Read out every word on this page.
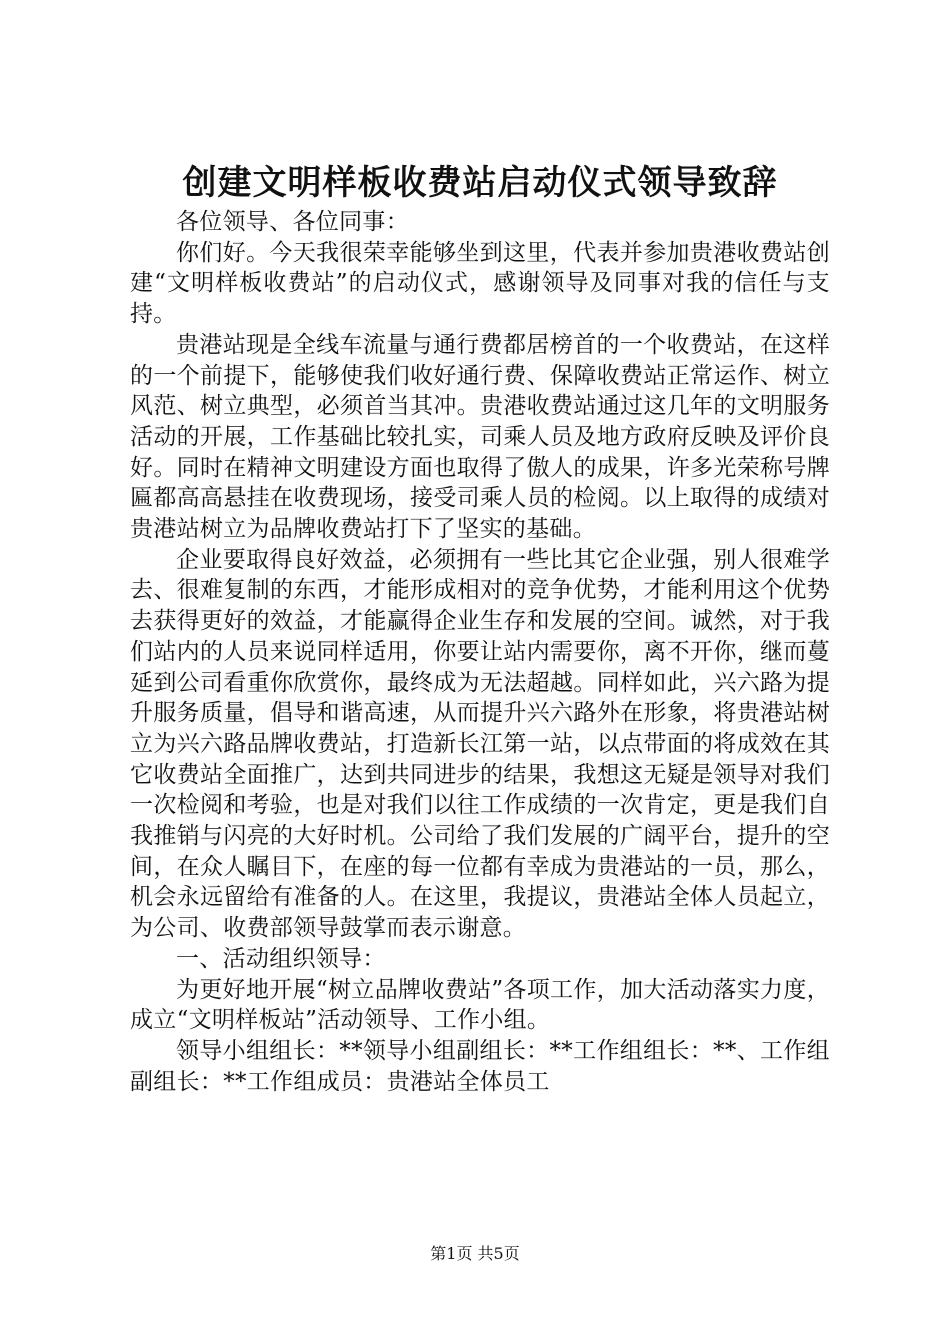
创建文明样板收费站启动仪式领导致辞

各位领导、各位同事：

你们好。今天我很荣幸能够坐到这里，代表并参加贵港收费站创建“文明样板收费站”的启动仪式，感谢领导及同事对我的信任与支持。

贵港站现是全线车流量与通行费都居榜首的一个收费站，在这样的一个前提下，能够使我们收好通行费、保障收费站正常运作、树立风范、树立典型，必须首当其冲。贵港收费站通过这几年的文明服务活动的开展，工作基础比较扎实，司乘人员及地方政府反映及评价良好。同时在精神文明建设方面也取得了傲人的成果，许多光荣称号牌匾都高高悬挂在收费现场，接受司乘人员的检阅。以上取得的成绩对贵港站树立为品牌收费站打下了坚实的基础。

企业要取得良好效益，必须拥有一些比其它企业强，别人很难学去、很难复制的东西，才能形成相对的竞争优势，才能利用这个优势去获得更好的效益，才能赢得企业生存和发展的空间。诚然，对于我们站内的人员来说同样适用，你要让站内需要你，离不开你，继而蔓延到公司看重你欣赏你，最终成为无法超越。同样如此，兴六路为提升服务质量，倡导和谐高速，从而提升兴六路外在形象，将贵港站树立为兴六路品牌收费站，打造新长江第一站，以点带面的将成效在其它收费站全面推广，达到共同进步的结果，我想这无疑是领导对我们一次检阅和考验，也是对我们以往工作成绩的一次肯定，更是我们自我推销与闪亮的大好时机。公司给了我们发展的广阔平台，提升的空间，在众人瞩目下，在座的每一位都有幸成为贵港站的一员，那么，机会永远留给有准备的人。在这里，我提议，贵港站全体人员起立，为公司、收费部领导鼓掌而表示谢意。

一、活动组织领导：

为更好地开展“树立品牌收费站”各项工作，加大活动落实力度，成立“文明样板站”活动领导、工作小组。

领导小组组长：**领导小组副组长：**工作组组长：**、工作组副组长：**工作组成员：贵港站全体员工

第1页 共5页
